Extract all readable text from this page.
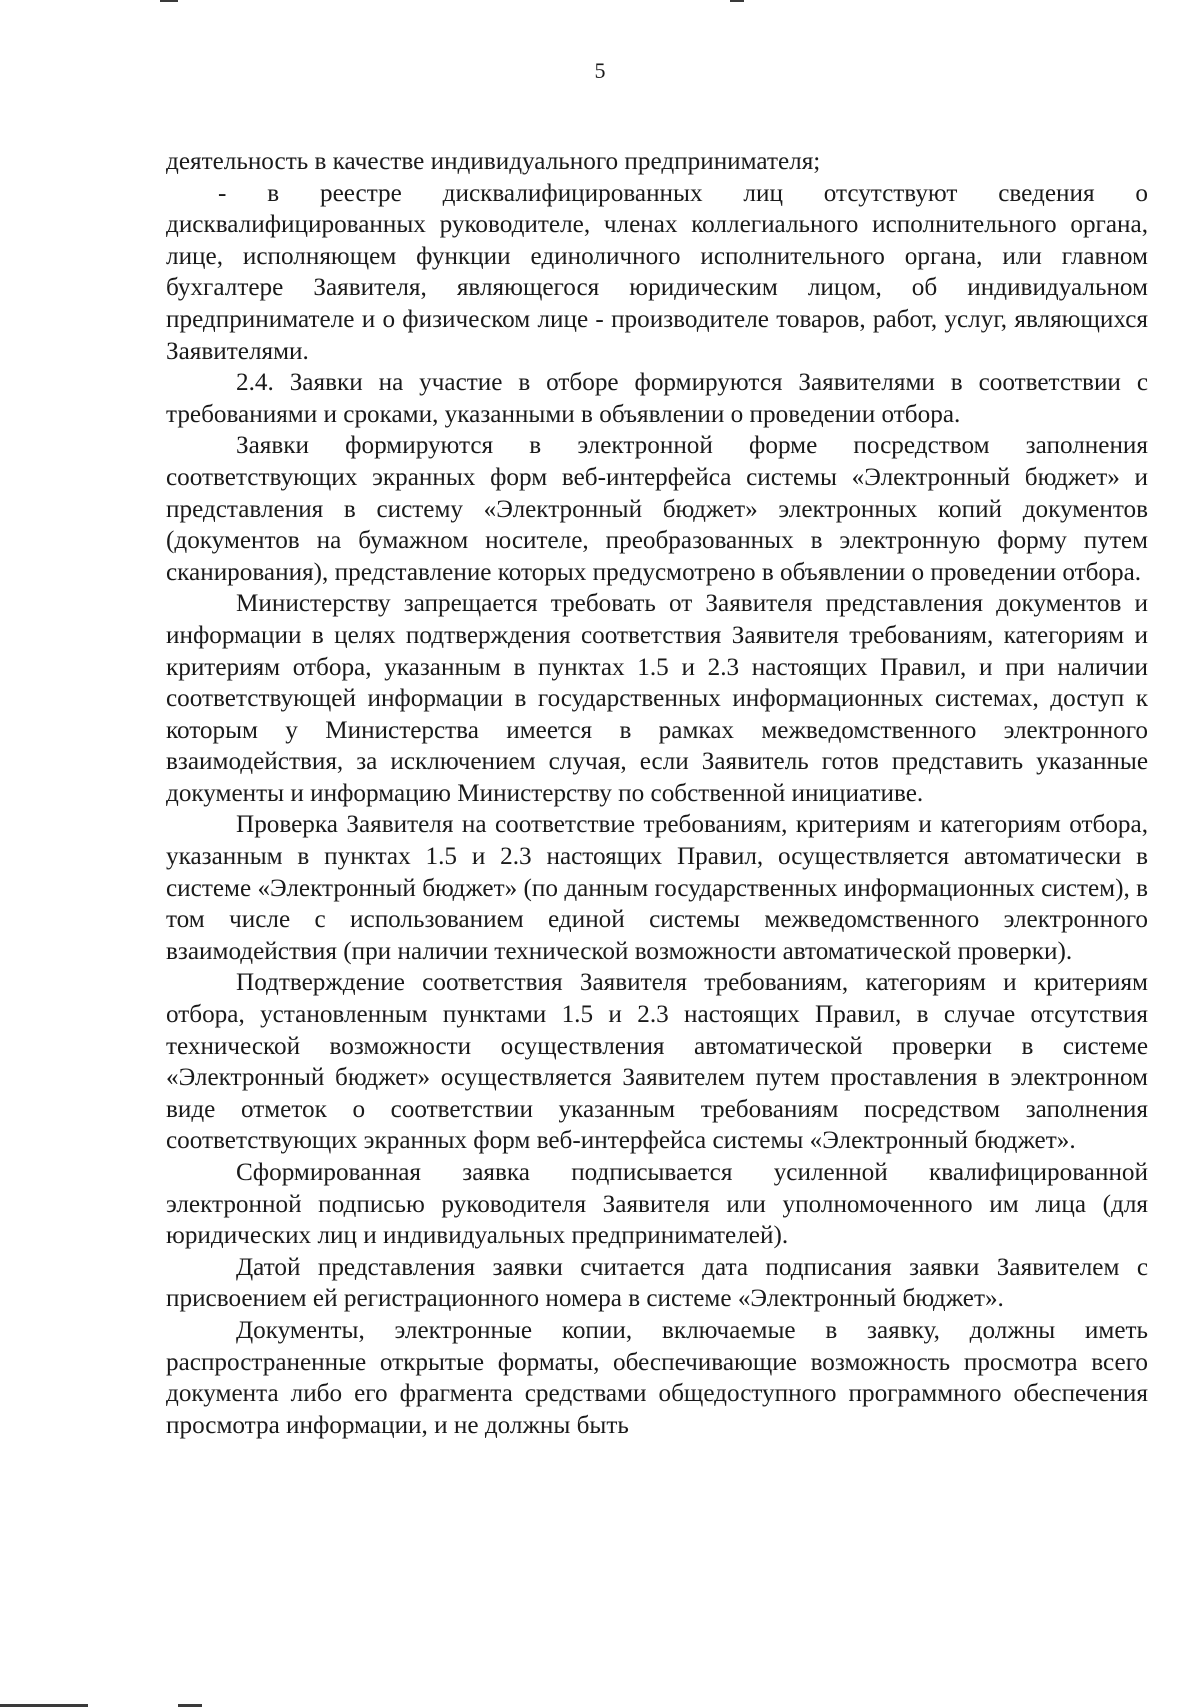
5

деятельность в качестве индивидуального предпринимателя;

- в реестре дисквалифицированных лиц отсутствуют сведения о дисквалифицированных руководителе, членах коллегиального исполнительного органа, лице, исполняющем функции единоличного исполнительного органа, или главном бухгалтере Заявителя, являющегося юридическим лицом, об индивидуальном предпринимателе и о физическом лице - производителе товаров, работ, услуг, являющихся Заявителями.

2.4. Заявки на участие в отборе формируются Заявителями в соответствии с требованиями и сроками, указанными в объявлении о проведении отбора.

Заявки формируются в электронной форме посредством заполнения соответствующих экранных форм веб-интерфейса системы «Электронный бюджет» и представления в систему «Электронный бюджет» электронных копий документов (документов на бумажном носителе, преобразованных в электронную форму путем сканирования), представление которых предусмотрено в объявлении о проведении отбора.

Министерству запрещается требовать от Заявителя представления документов и информации в целях подтверждения соответствия Заявителя требованиям, категориям и критериям отбора, указанным в пунктах 1.5 и 2.3 настоящих Правил, и при наличии соответствующей информации в государственных информационных системах, доступ к которым у Министерства имеется в рамках межведомственного электронного взаимодействия, за исключением случая, если Заявитель готов представить указанные документы и информацию Министерству по собственной инициативе.

Проверка Заявителя на соответствие требованиям, критериям и категориям отбора, указанным в пунктах 1.5 и 2.3 настоящих Правил, осуществляется автоматически в системе «Электронный бюджет» (по данным государственных информационных систем), в том числе с использованием единой системы межведомственного электронного взаимодействия (при наличии технической возможности автоматической проверки).

Подтверждение соответствия Заявителя требованиям, категориям и критериям отбора, установленным пунктами 1.5 и 2.3 настоящих Правил, в случае отсутствия технической возможности осуществления автоматической проверки в системе «Электронный бюджет» осуществляется Заявителем путем проставления в электронном виде отметок о соответствии указанным требованиям посредством заполнения соответствующих экранных форм веб-интерфейса системы «Электронный бюджет».

Сформированная заявка подписывается усиленной квалифицированной электронной подписью руководителя Заявителя или уполномоченного им лица (для юридических лиц и индивидуальных предпринимателей).

Датой представления заявки считается дата подписания заявки Заявителем с присвоением ей регистрационного номера в системе «Электронный бюджет».

Документы, электронные копии, включаемые в заявку, должны иметь распространенные открытые форматы, обеспечивающие возможность просмотра всего документа либо его фрагмента средствами общедоступного программного обеспечения просмотра информации, и не должны быть
